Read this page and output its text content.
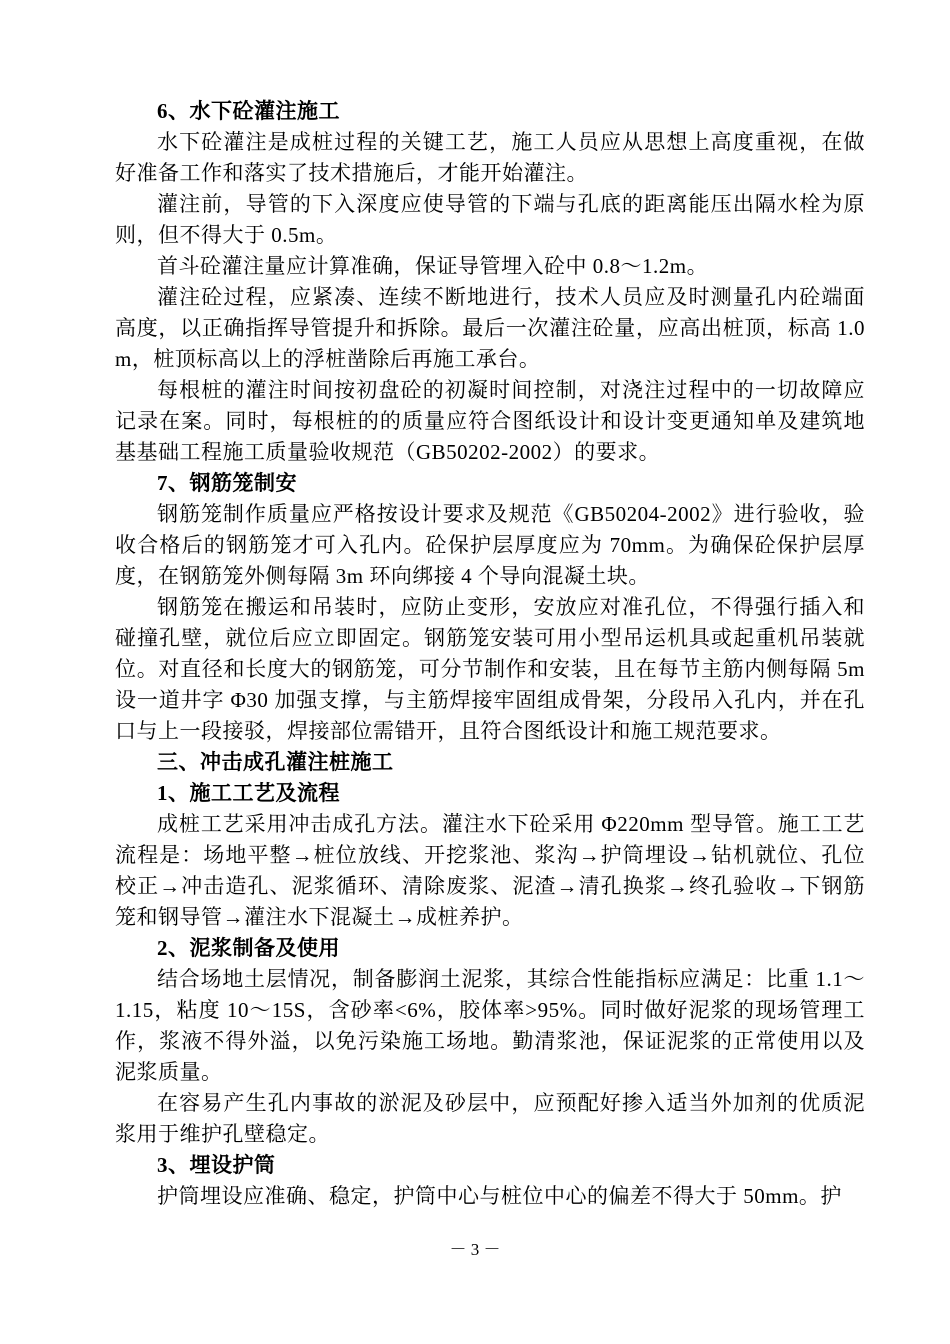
6、水下砼灌注施工

水下砼灌注是成桩过程的关键工艺，施工人员应从思想上高度重视，在做好准备工作和落实了技术措施后，才能开始灌注。

灌注前，导管的下入深度应使导管的下端与孔底的距离能压出隔水栓为原则，但不得大于 0.5m。

首斗砼灌注量应计算准确，保证导管埋入砼中 0.8～1.2m。

灌注砼过程，应紧凑、连续不断地进行，技术人员应及时测量孔内砼端面高度，以正确指挥导管提升和拆除。最后一次灌注砼量，应高出桩顶，标高 1.0m，桩顶标高以上的浮桩凿除后再施工承台。

每根桩的灌注时间按初盘砼的初凝时间控制，对浇注过程中的一切故障应记录在案。同时，每根桩的的质量应符合图纸设计和设计变更通知单及建筑地基基础工程施工质量验收规范（GB50202-2002）的要求。

7、钢筋笼制安

钢筋笼制作质量应严格按设计要求及规范《GB50204-2002》进行验收，验收合格后的钢筋笼才可入孔内。砼保护层厚度应为 70mm。为确保砼保护层厚度，在钢筋笼外侧每隔 3m 环向绑接 4 个导向混凝土块。

钢筋笼在搬运和吊装时，应防止变形，安放应对准孔位，不得强行插入和碰撞孔壁，就位后应立即固定。钢筋笼安装可用小型吊运机具或起重机吊装就位。对直径和长度大的钢筋笼，可分节制作和安装，且在每节主筋内侧每隔 5m 设一道井字 Φ30 加强支撑，与主筋焊接牢固组成骨架，分段吊入孔内，并在孔口与上一段接驳，焊接部位需错开，且符合图纸设计和施工规范要求。

三、冲击成孔灌注桩施工

1、施工工艺及流程

成桩工艺采用冲击成孔方法。灌注水下砼采用 Φ220mm 型导管。施工工艺流程是：场地平整→桩位放线、开挖浆池、浆沟→护筒埋设→钻机就位、孔位校正→冲击造孔、泥浆循环、清除废浆、泥渣→清孔换浆→终孔验收→下钢筋笼和钢导管→灌注水下混凝土→成桩养护。

2、泥浆制备及使用

结合场地土层情况，制备膨润土泥浆，其综合性能指标应满足：比重 1.1～1.15，粘度 10～15S，含砂率<6%，胶体率>95%。同时做好泥浆的现场管理工作，浆液不得外溢，以免污染施工场地。勤清浆池，保证泥浆的正常使用以及泥浆质量。

在容易产生孔内事故的淤泥及砂层中，应预配好掺入适当外加剂的优质泥浆用于维护孔壁稳定。

3、埋设护筒

护筒埋设应准确、稳定，护筒中心与桩位中心的偏差不得大于 50mm。护

－ 3 －
